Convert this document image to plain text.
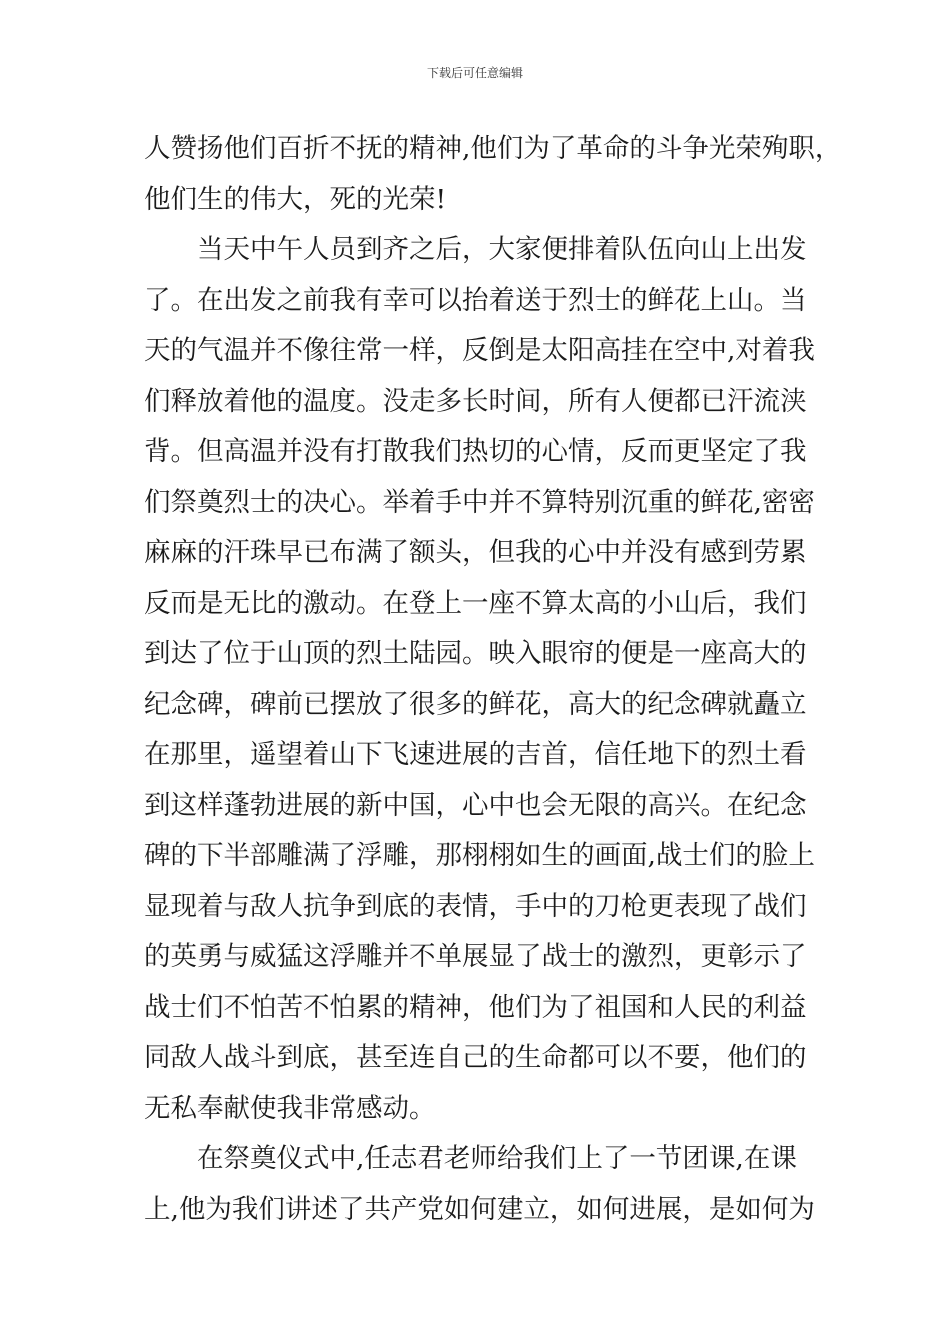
下载后可任意编辑
人赞扬他们百折不抚的精神,他们为了革命的斗争光荣殉职，
他们生的伟大，死的光荣!
当天中午人员到齐之后，大家便排着队伍向山上出发
了。在出发之前我有幸可以抬着送于烈士的鲜花上山。当
天的气温并不像往常一样，反倒是太阳高挂在空中,对着我
们释放着他的温度。没走多长时间，所有人便都已汗流浃
背。但高温并没有打散我们热切的心情，反而更坚定了我
们祭奠烈士的决心。举着手中并不算特别沉重的鲜花,密密
麻麻的汗珠早已布满了额头，但我的心中并没有感到劳累
反而是无比的激动。在登上一座不算太高的小山后，我们
到达了位于山顶的烈土陆园。映入眼帘的便是一座高大的
纪念碑，碑前已摆放了很多的鲜花，高大的纪念碑就矗立
在那里，遥望着山下飞速进展的吉首，信任地下的烈土看
到这样蓬勃进展的新中国，心中也会无限的高兴。在纪念
碑的下半部雕满了浮雕，那栩栩如生的画面,战士们的脸上
显现着与敌人抗争到底的表情，手中的刀枪更表现了战们
的英勇与威猛这浮雕并不单展显了战士的激烈，更彰示了
战士们不怕苦不怕累的精神，他们为了祖国和人民的利益
同敌人战斗到底，甚至连自己的生命都可以不要，他们的
无私奉献使我非常感动。
在祭奠仪式中,任志君老师给我们上了一节团课,在课
上,他为我们讲述了共产党如何建立，如何进展，是如何为
